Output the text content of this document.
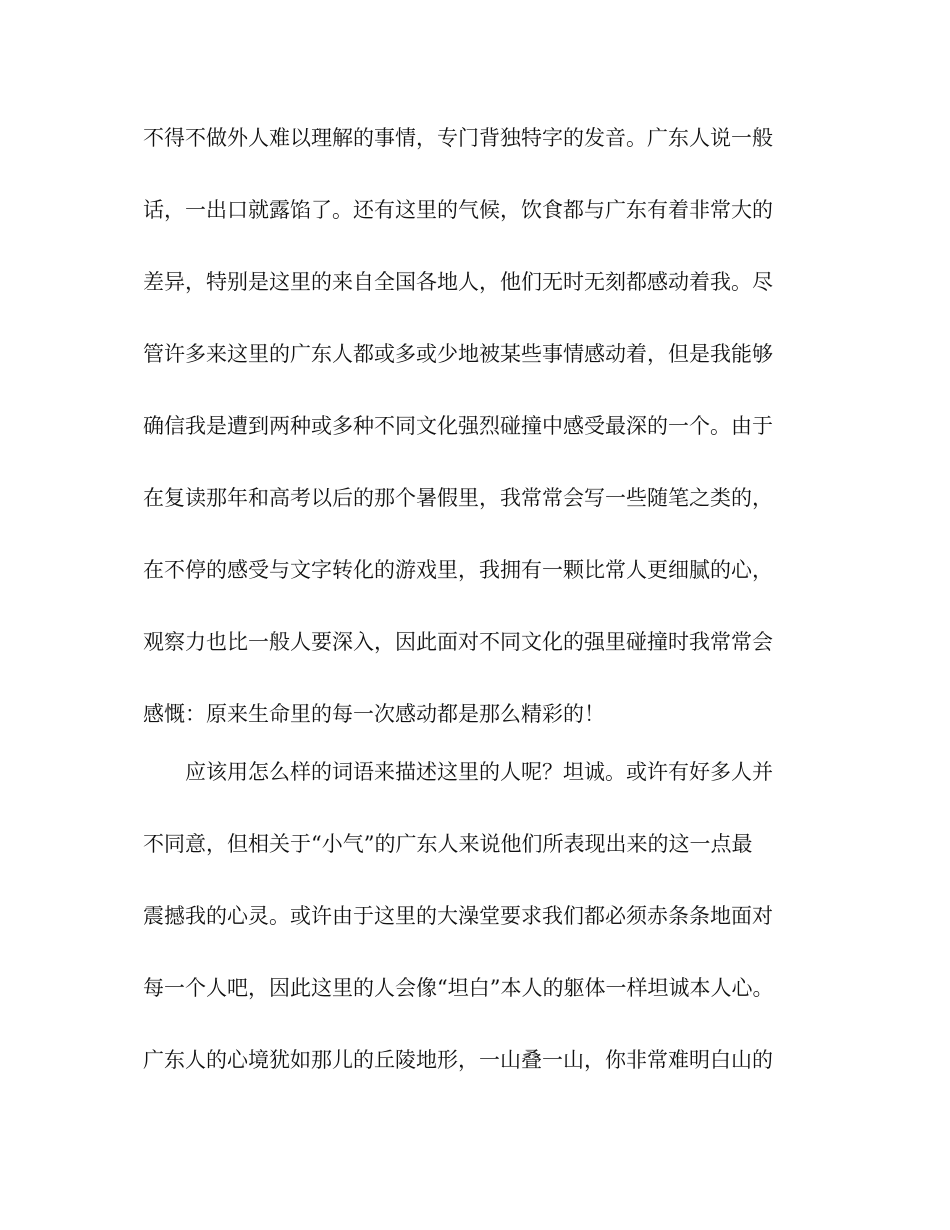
不得不做外人难以理解的事情，专门背独特字的发音。广东人说一般
话，一出口就露馅了。还有这里的气候，饮食都与广东有着非常大的
差异，特别是这里的来自全国各地人，他们无时无刻都感动着我。尽
管许多来这里的广东人都或多或少地被某些事情感动着，但是我能够
确信我是遭到两种或多种不同文化强烈碰撞中感受最深的一个。由于
在复读那年和高考以后的那个暑假里，我常常会写一些随笔之类的，
在不停的感受与文字转化的游戏里，我拥有一颗比常人更细腻的心，
观察力也比一般人要深入，因此面对不同文化的强里碰撞时我常常会
感慨：原来生命里的每一次感动都是那么精彩的！
应该用怎么样的词语来描述这里的人呢？坦诚。或许有好多人并
不同意，但相关于“小气”的广东人来说他们所表现出来的这一点最
震撼我的心灵。或许由于这里的大澡堂要求我们都必须赤条条地面对
每一个人吧，因此这里的人会像“坦白”本人的躯体一样坦诚本人心。
广东人的心境犹如那儿的丘陵地形，一山叠一山，你非常难明白山的
